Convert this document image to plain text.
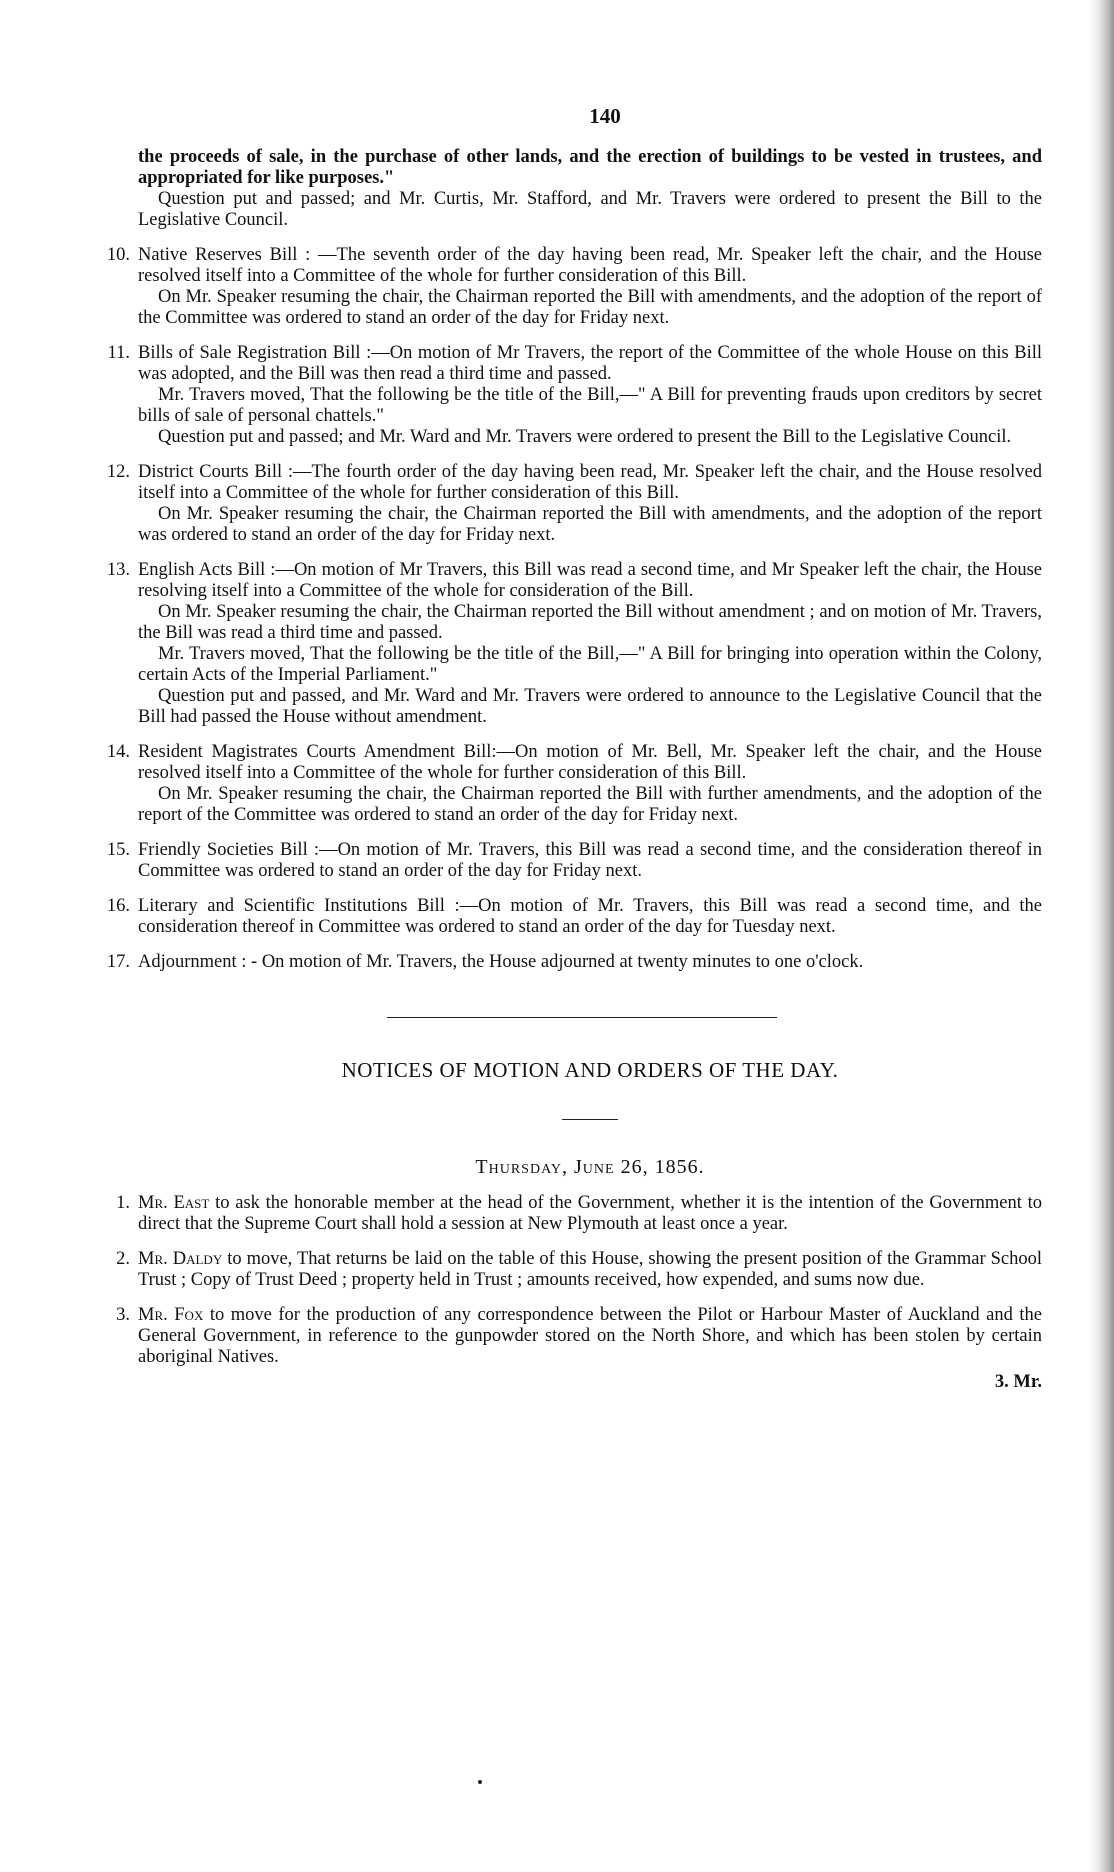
140

the proceeds of sale, in the purchase of other lands, and the erection of buildings to be vested in trustees, and appropriated for like purposes."

Question put and passed; and Mr. Curtis, Mr. Stafford, and Mr. Travers were ordered to present the Bill to the Legislative Council.

10. Native Reserves Bill : —The seventh order of the day having been read, Mr. Speaker left the chair, and the House resolved itself into a Committee of the whole for further consideration of this Bill.

On Mr. Speaker resuming the chair, the Chairman reported the Bill with amendments, and the adoption of the report of the Committee was ordered to stand an order of the day for Friday next.

11. Bills of Sale Registration Bill :—On motion of Mr Travers, the report of the Committee of the whole House on this Bill was adopted, and the Bill was then read a third time and passed.

Mr. Travers moved, That the following be the title of the Bill,—" A Bill for preventing frauds upon creditors by secret bills of sale of personal chattels."

Question put and passed; and Mr. Ward and Mr. Travers were ordered to present the Bill to the Legislative Council.

12. District Courts Bill :—The fourth order of the day having been read, Mr. Speaker left the chair, and the House resolved itself into a Committee of the whole for further consideration of this Bill.

On Mr. Speaker resuming the chair, the Chairman reported the Bill with amendments, and the adoption of the report was ordered to stand an order of the day for Friday next.

13. English Acts Bill :—On motion of Mr Travers, this Bill was read a second time, and Mr Speaker left the chair, the House resolving itself into a Committee of the whole for consideration of the Bill.

On Mr. Speaker resuming the chair, the Chairman reported the Bill without amendment ; and on motion of Mr. Travers, the Bill was read a third time and passed.

Mr. Travers moved, That the following be the title of the Bill,—" A Bill for bringing into operation within the Colony, certain Acts of the Imperial Parliament."

Question put and passed, and Mr. Ward and Mr. Travers were ordered to announce to the Legislative Council that the Bill had passed the House without amendment.

14. Resident Magistrates Courts Amendment Bill:—On motion of Mr. Bell, Mr. Speaker left the chair, and the House resolved itself into a Committee of the whole for further consideration of this Bill.

On Mr. Speaker resuming the chair, the Chairman reported the Bill with further amendments, and the adoption of the report of the Committee was ordered to stand an order of the day for Friday next.

15. Friendly Societies Bill :—On motion of Mr. Travers, this Bill was read a second time, and the consideration thereof in Committee was ordered to stand an order of the day for Friday next.

16. Literary and Scientific Institutions Bill :—On motion of Mr. Travers, this Bill was read a second time, and the consideration thereof in Committee was ordered to stand an order of the day for Tuesday next.

17. Adjournment : - On motion of Mr. Travers, the House adjourned at twenty minutes to one o'clock.

NOTICES OF MOTION AND ORDERS OF THE DAY.
Thursday, June 26, 1856.
1. Mr. East to ask the honorable member at the head of the Government, whether it is the intention of the Government to direct that the Supreme Court shall hold a session at New Plymouth at least once a year.

2. Mr. Daldy to move, That returns be laid on the table of this House, showing the present position of the Grammar School Trust ; Copy of Trust Deed ; property held in Trust ; amounts received, how expended, and sums now due.

3. Mr. Fox to move for the production of any correspondence between the Pilot or Harbour Master of Auckland and the General Government, in reference to the gunpowder stored on the North Shore, and which has been stolen by certain aboriginal Natives.

3. Mr.
